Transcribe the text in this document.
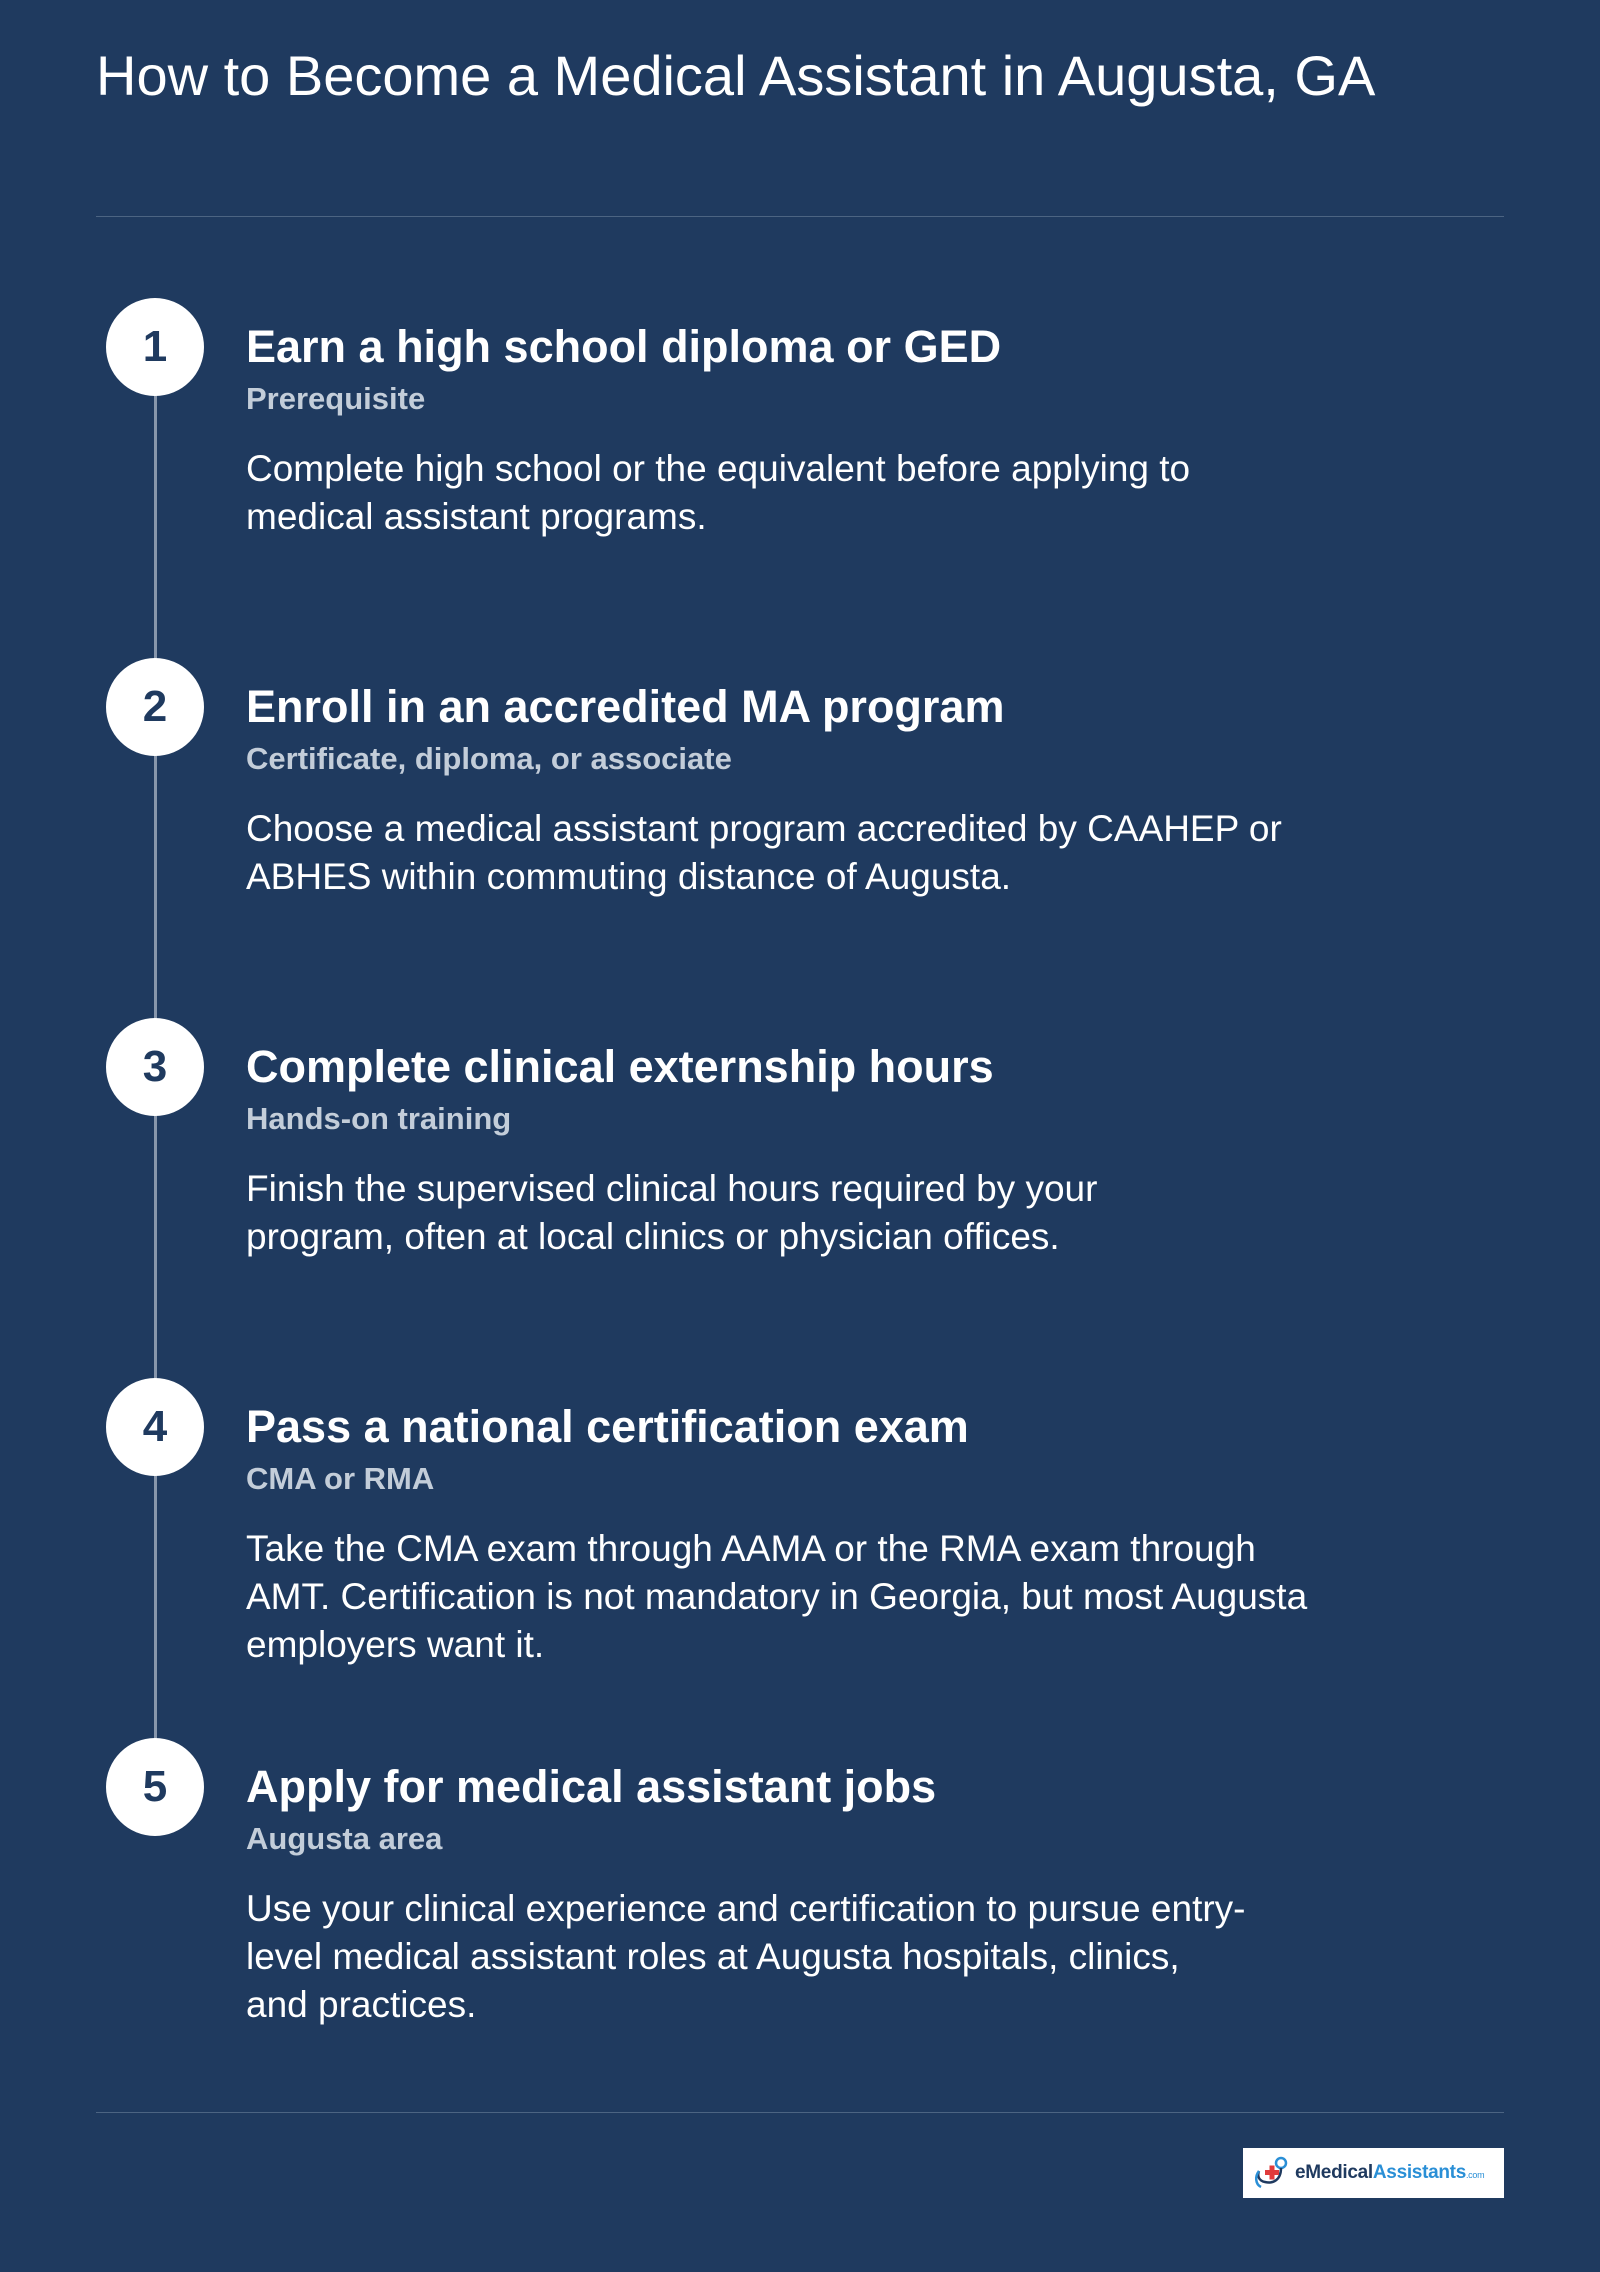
How to Become a Medical Assistant in Augusta, GA
1	Earn a high school diploma or GED
Prerequisite

Complete high school or the equivalent before applying to medical assistant programs.

2	Enroll in an accredited MA program
Certificate, diploma, or associate

Choose a medical assistant program accredited by CAAHEP or ABHES within commuting distance of Augusta.

3	Complete clinical externship hours
Hands-on training

Finish the supervised clinical hours required by your program, often at local clinics or physician offices.

4	Pass a national certification exam
CMA or RMA

Take the CMA exam through AAMA or the RMA exam through AMT. Certification is not mandatory in Georgia, but most Augusta employers want it.

5	Apply for medical assistant jobs
Augusta area

Use your clinical experience and certification to pursue entry-level medical assistant roles at Augusta hospitals, clinics, and practices.

eMedicalAssistants.com
